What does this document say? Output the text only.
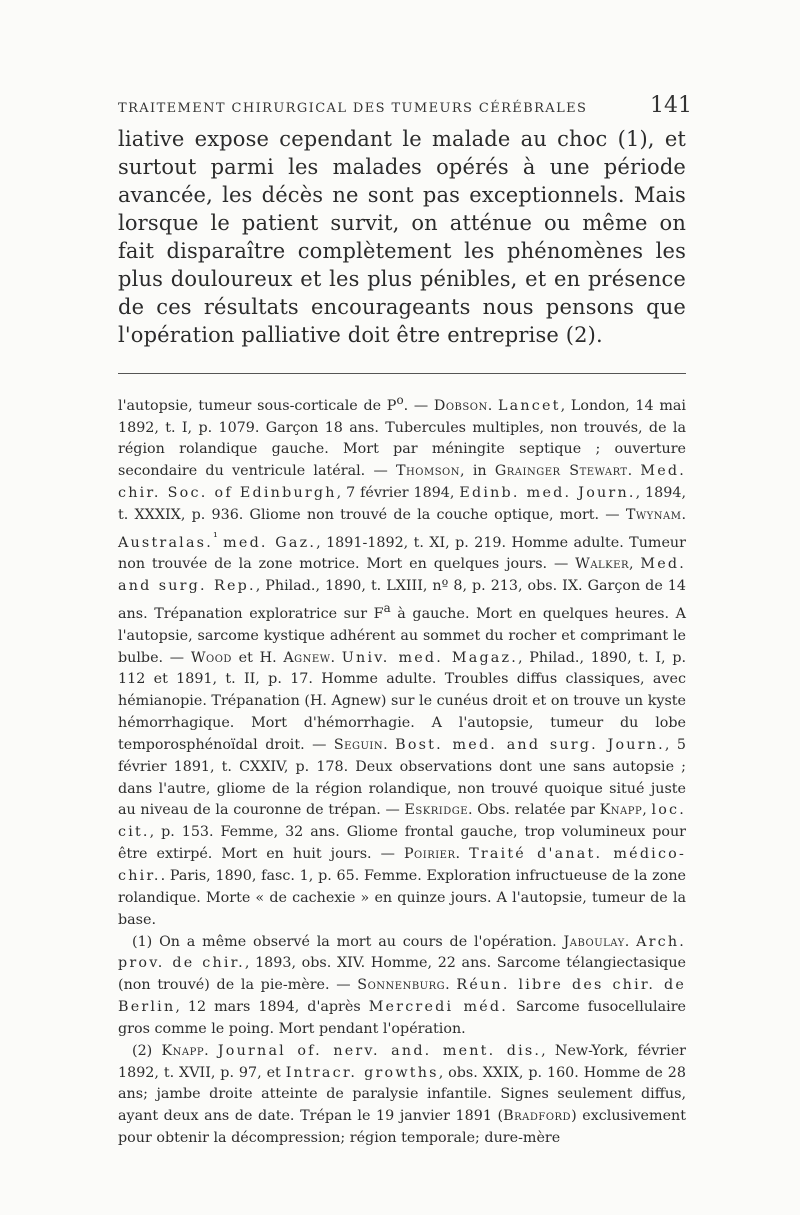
TRAITEMENT CHIRURGICAL DES TUMEURS CÉRÉBRALES	141

liative expose cependant le malade au choc (1), et surtout parmi les malades opérés à une période avancée, les décès ne sont pas exceptionnels. Mais lorsque le patient survit, on atténue ou même on fait disparaître complètement les phénomènes les plus douloureux et les plus pénibles, et en présence de ces résultats encourageants nous pensons que l'opération palliative doit être entreprise (2).

l'autopsie, tumeur sous-corticale de $P^o$. — Dobson. Lancet, London, 14 mai 1892, t. I, p. 1079. Garçon 18 ans. Tubercules multiples, non trouvés, de la région rolandique gauche. Mort par méningite septique ; ouverture secondaire du ventricule latéral. — Thomson, in Grainger Stewart. Med. chir. Soc. of Edinburgh, 7 février 1894, Edinb. med. Journ., 1894, t. XXXIX, p. 936. Gliome non trouvé de la couche optique, mort. — Twynam. Australas.$^{^1}$ med. Gaz., 1891-1892, t. XI, p. 219. Homme adulte. Tumeur non trouvée de la zone motrice. Mort en quelques jours. — Walker, Med. and surg. Rep., Philad., 1890, t. LXIII, nº 8, p. 213, obs. IX. Garçon de 14 ans. Trépanation exploratrice sur $F^a$ à gauche. Mort en quelques heures. A l'autopsie, sarcome kystique adhérent au sommet du rocher et comprimant le bulbe. — Wood et H. Agnew. Univ. med. Magaz., Philad., 1890, t. I, p. 112 et 1891, t. II, p. 17. Homme adulte. Troubles diffus classiques, avec hémianopie. Trépanation (H. Agnew) sur le cunéus droit et on trouve un kyste hémorrhagique. Mort d'hémorrhagie. A l'autopsie, tumeur du lobe temporosphénoïdal droit. — Seguin. Bost. med. and surg. Journ., 5 février 1891, t. CXXIV, p. 178. Deux observations dont une sans autopsie ; dans l'autre, gliome de la région rolandique, non trouvé quoique situé juste au niveau de la couronne de trépan. — Eskridge. Obs. relatée par Knapp, loc. cit., p. 153. Femme, 32 ans. Gliome frontal gauche, trop volumineux pour être extirpé. Mort en huit jours. — Poirier. Traité d'anat. médico-chir.. Paris, 1890, fasc. 1, p. 65. Femme. Exploration infructueuse de la zone rolandique. Morte « de cachexie » en quinze jours. A l'autopsie, tumeur de la base.

(1) On a même observé la mort au cours de l'opération. Jaboulay. Arch. prov. de chir., 1893, obs. XIV. Homme, 22 ans. Sarcome télangiectasique (non trouvé) de la pie-mère. — Sonnenburg. Réun. libre des chir. de Berlin, 12 mars 1894, d'après Mercredi méd. Sarcome fusocellulaire gros comme le poing. Mort pendant l'opération.

(2) Knapp. Journal of. nerv. and. ment. dis., New-York, février 1892, t. XVII, p. 97, et Intracr. growths, obs. XXIX, p. 160. Homme de 28 ans; jambe droite atteinte de paralysie infantile. Signes seulement diffus, ayant deux ans de date. Trépan le 19 janvier 1891 (Bradford) exclusivement pour obtenir la décompression; région temporale; dure-mère
